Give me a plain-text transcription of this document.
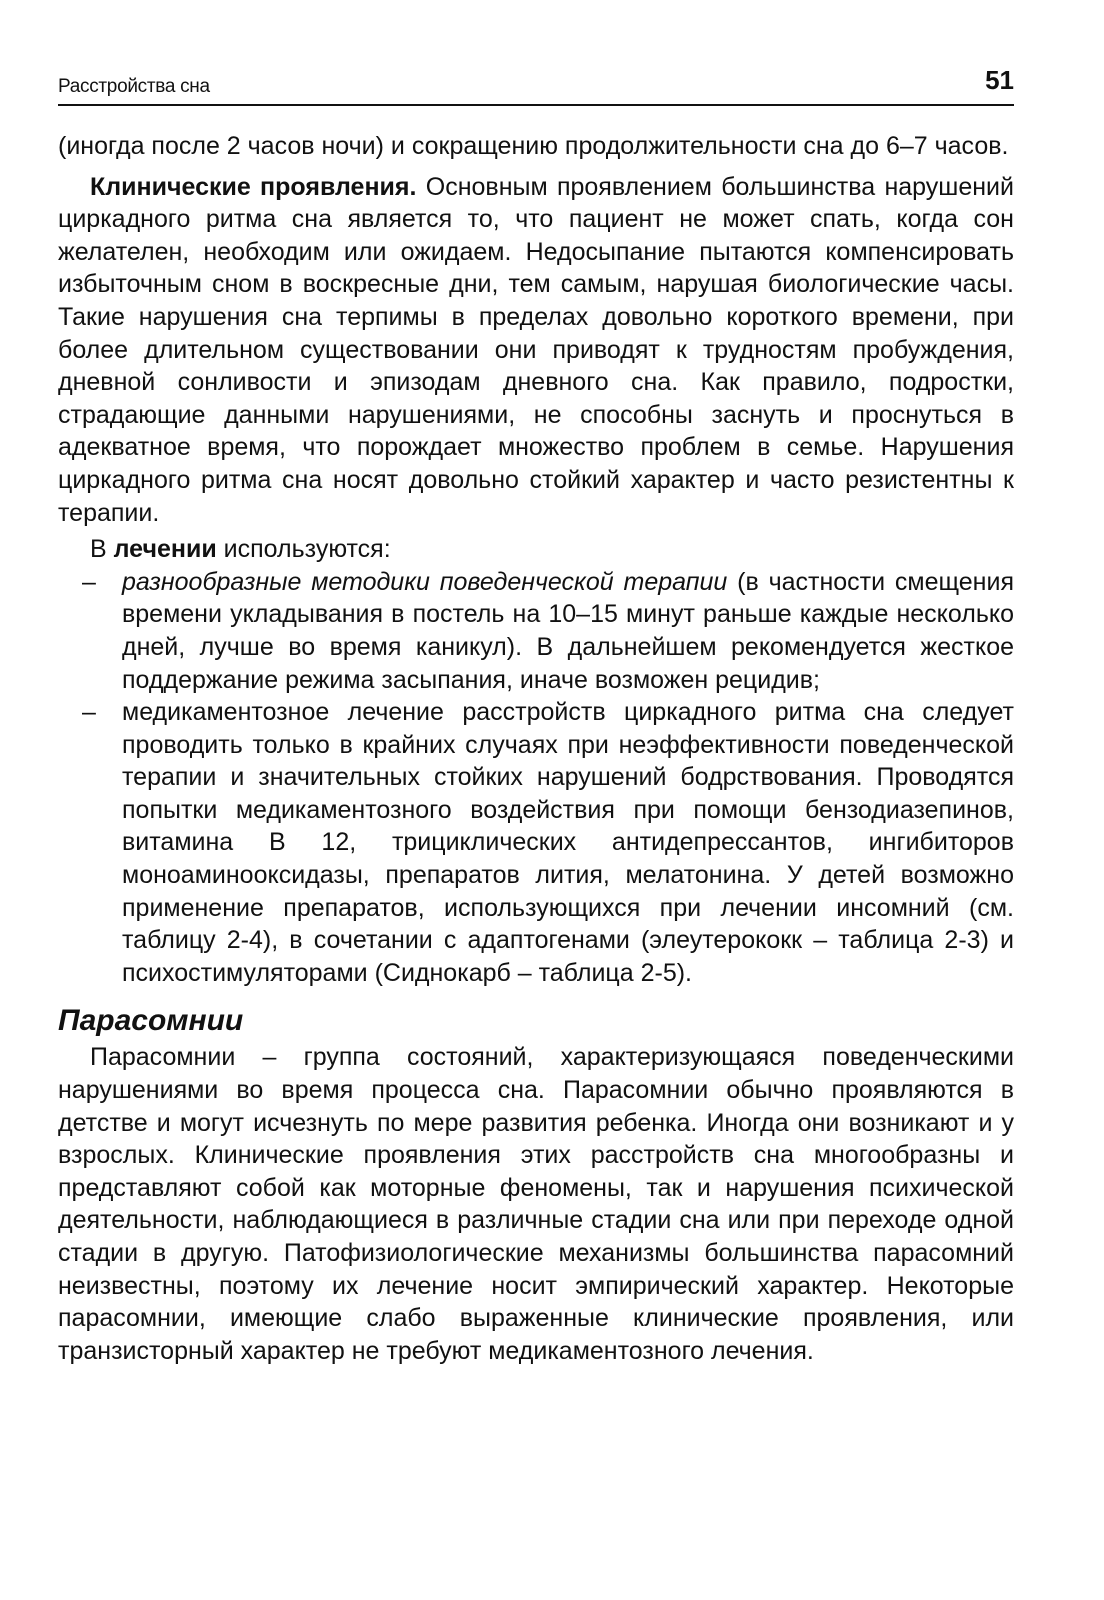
Расстройства сна	51

(иногда после 2 часов ночи) и сокращению продолжительности сна до 6–7 часов.

Клинические проявления. Основным проявлением большинства нарушений циркадного ритма сна является то, что пациент не может спать, когда сон желателен, необходим или ожидаем. Недосыпание пытаются компенсировать избыточным сном в воскресные дни, тем самым, нарушая биологические часы. Такие нарушения сна терпимы в пределах довольно короткого времени, при более длительном существовании они приводят к трудностям пробуждения, дневной сонливости и эпизодам дневного сна. Как правило, подростки, страдающие данными нарушениями, не способны заснуть и проснуться в адекватное время, что порождает множество проблем в семье. Нарушения циркадного ритма сна носят довольно стойкий характер и часто резистентны к терапии.

В лечении используются:

– разнообразные методики поведенческой терапии (в частности смещения времени укладывания в постель на 10–15 минут раньше каждые несколько дней, лучше во время каникул). В дальнейшем рекомендуется жесткое поддержание режима засыпания, иначе возможен рецидив;
– медикаментозное лечение расстройств циркадного ритма сна следует проводить только в крайних случаях при неэффективности поведенческой терапии и значительных стойких нарушений бодрствования. Проводятся попытки медикаментозного воздействия при помощи бензодиазепинов, витамина В 12, трициклических антидепрессантов, ингибиторов моноаминооксидазы, препаратов лития, мелатонина. У детей возможно применение препаратов, использующихся при лечении инсомний (см. таблицу 2-4), в сочетании с адаптогенами (элеутерококк – таблица 2-3) и психостимуляторами (Сиднокарб – таблица 2-5).
Парасомнии

Парасомнии – группа состояний, характеризующаяся поведенческими нарушениями во время процесса сна. Парасомнии обычно проявляются в детстве и могут исчезнуть по мере развития ребенка. Иногда они возникают и у взрослых. Клинические проявления этих расстройств сна многообразны и представляют собой как моторные феномены, так и нарушения психической деятельности, наблюдающиеся в различные стадии сна или при переходе одной стадии в другую. Патофизиологические механизмы большинства парасомний неизвестны, поэтому их лечение носит эмпирический характер. Некоторые парасомнии, имеющие слабо выраженные клинические проявления, или транзисторный характер не требуют медикаментозного лечения.
